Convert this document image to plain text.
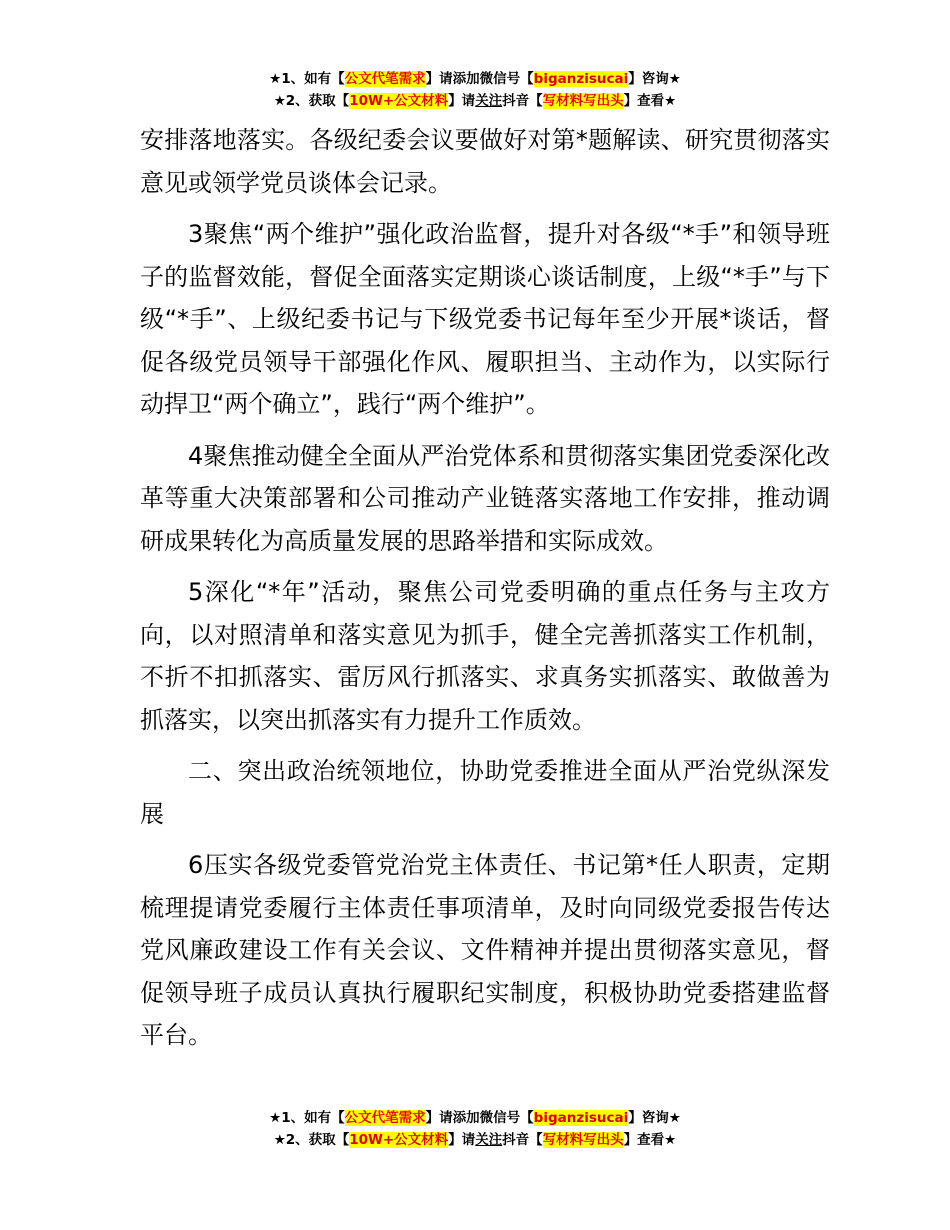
★1、如有【公文代笔需求】请添加微信号【biganzisucai】咨询★
★2、获取【10W+公文材料】请关注抖音【写材料写出头】查看★

安排落地落实。各级纪委会议要做好对第*题解读、研究贯彻落实意见或领学党员谈体会记录。

3聚焦“两个维护”强化政治监督，提升对各级“*手”和领导班子的监督效能，督促全面落实定期谈心谈话制度，上级“*手”与下级“*手”、上级纪委书记与下级党委书记每年至少开展*谈话，督促各级党员领导干部强化作风、履职担当、主动作为，以实际行动捍卫“两个确立”，践行“两个维护”。

4聚焦推动健全全面从严治党体系和贯彻落实集团党委深化改革等重大决策部署和公司推动产业链落实落地工作安排，推动调研成果转化为高质量发展的思路举措和实际成效。

5深化“*年”活动，聚焦公司党委明确的重点任务与主攻方向，以对照清单和落实意见为抓手，健全完善抓落实工作机制，不折不扣抓落实、雷厉风行抓落实、求真务实抓落实、敢做善为抓落实，以突出抓落实有力提升工作质效。

二、突出政治统领地位，协助党委推进全面从严治党纵深发展

6压实各级党委管党治党主体责任、书记第*任人职责，定期梳理提请党委履行主体责任事项清单，及时向同级党委报告传达党风廉政建设工作有关会议、文件精神并提出贯彻落实意见，督促领导班子成员认真执行履职纪实制度，积极协助党委搭建监督平台。

★1、如有【公文代笔需求】请添加微信号【biganzisucai】咨询★
★2、获取【10W+公文材料】请关注抖音【写材料写出头】查看★
